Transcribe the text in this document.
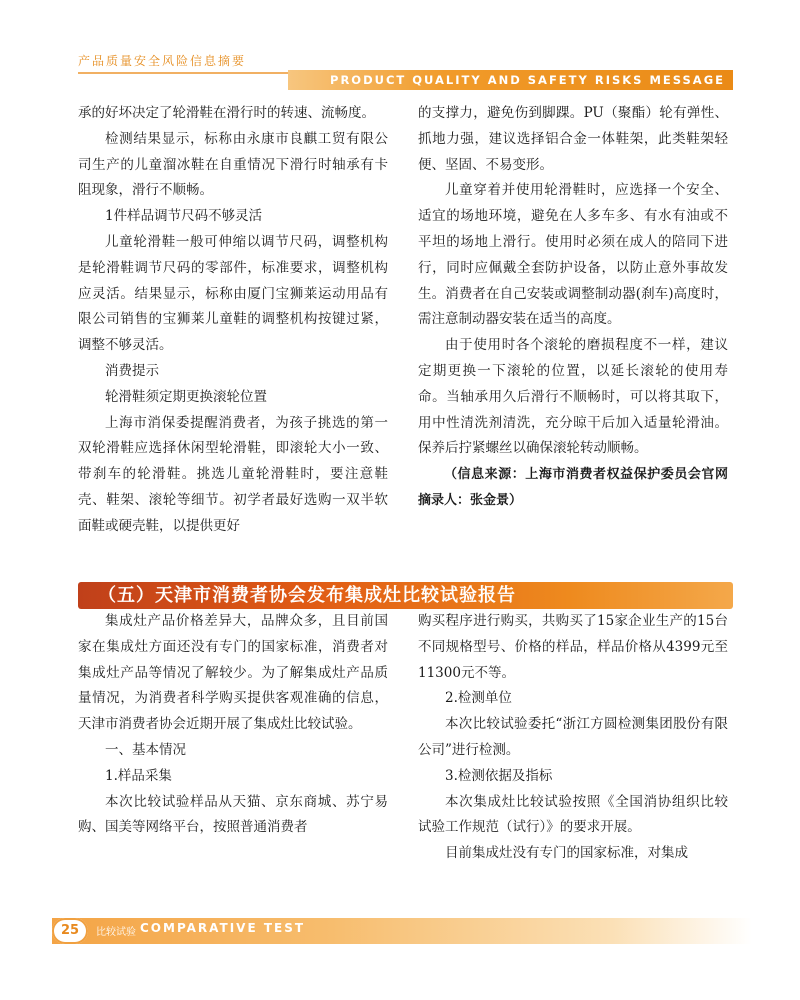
产品质量安全风险信息摘要
PRODUCT QUALITY AND SAFETY RISKS MESSAGE DIGEST

承的好坏决定了轮滑鞋在滑行时的转速、流畅度。

检测结果显示，标称由永康市良麒工贸有限公司生产的儿童溜冰鞋在自重情况下滑行时轴承有卡阻现象，滑行不顺畅。

1件样品调节尺码不够灵活

儿童轮滑鞋一般可伸缩以调节尺码，调整机构是轮滑鞋调节尺码的零部件，标准要求，调整机构应灵活。结果显示，标称由厦门宝狮莱运动用品有限公司销售的宝狮莱儿童鞋的调整机构按键过紧，调整不够灵活。

消费提示

轮滑鞋须定期更换滚轮位置

上海市消保委提醒消费者，为孩子挑选的第一双轮滑鞋应选择休闲型轮滑鞋，即滚轮大小一致、带刹车的轮滑鞋。挑选儿童轮滑鞋时，要注意鞋壳、鞋架、滚轮等细节。初学者最好选购一双半软面鞋或硬壳鞋，以提供更好

的支撑力，避免伤到脚踝。PU（聚酯）轮有弹性、抓地力强，建议选择铝合金一体鞋架，此类鞋架轻便、坚固、不易变形。

儿童穿着并使用轮滑鞋时，应选择一个安全、适宜的场地环境，避免在人多车多、有水有油或不平坦的场地上滑行。使用时必须在成人的陪同下进行，同时应佩戴全套防护设备，以防止意外事故发生。消费者在自己安装或调整制动器(刹车)高度时，需注意制动器安装在适当的高度。

由于使用时各个滚轮的磨损程度不一样，建议定期更换一下滚轮的位置，以延长滚轮的使用寿命。当轴承用久后滑行不顺畅时，可以将其取下，用中性清洗剂清洗，充分晾干后加入适量轮滑油。保养后拧紧螺丝以确保滚轮转动顺畅。

（信息来源：上海市消费者权益保护委员会官网 摘录人：张金景）

（五）天津市消费者协会发布集成灶比较试验报告

集成灶产品价格差异大，品牌众多，且目前国家在集成灶方面还没有专门的国家标准，消费者对集成灶产品等情况了解较少。为了解集成灶产品质量情况，为消费者科学购买提供客观准确的信息，天津市消费者协会近期开展了集成灶比较试验。

一、基本情况

1.样品采集

本次比较试验样品从天猫、京东商城、苏宁易购、国美等网络平台，按照普通消费者

购买程序进行购买，共购买了15家企业生产的15台不同规格型号、价格的样品，样品价格从4399元至11300元不等。

2.检测单位

本次比较试验委托“浙江方圆检测集团股份有限公司”进行检测。

3.检测依据及指标

本次集成灶比较试验按照《全国消协组织比较试验工作规范（试行）》的要求开展。

目前集成灶没有专门的国家标准，对集成

25	比较试验 COMPARATIVE TEST
